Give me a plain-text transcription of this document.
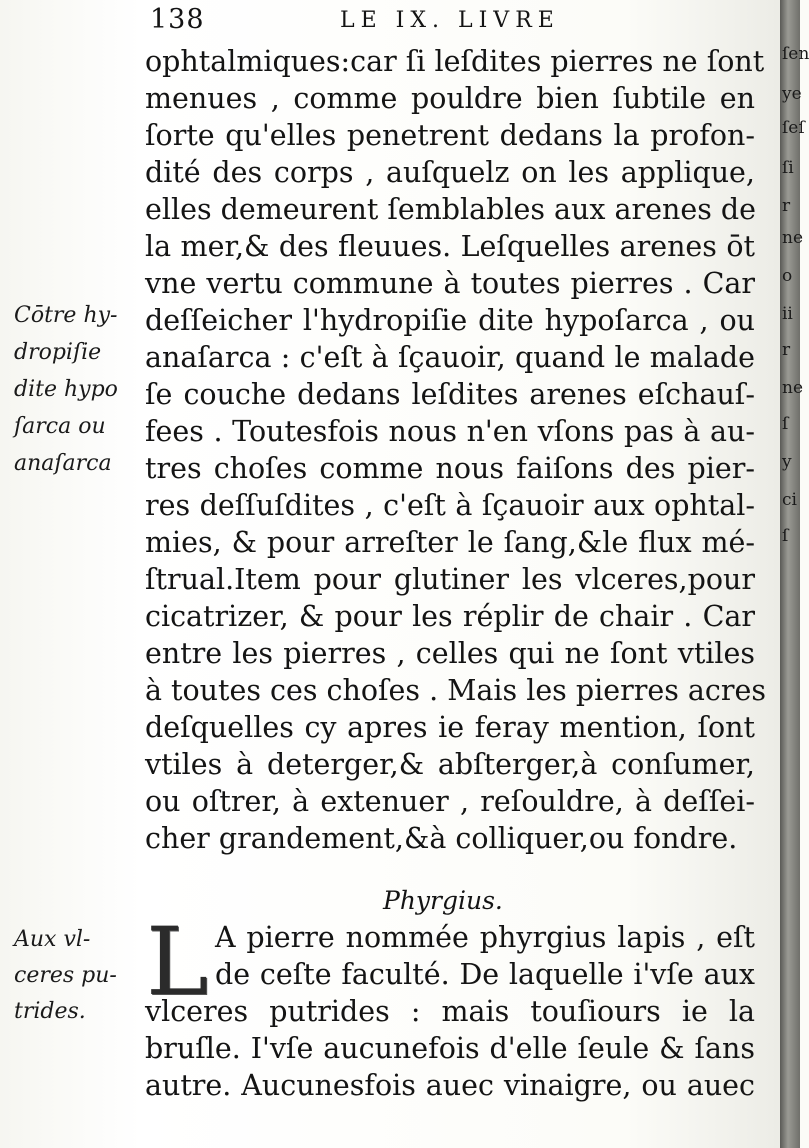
138	LE IX. LIVRE
ophtalmiques:car ſi leſdites pierres ne ſont
menues , comme pouldre bien ſubtile en
ſorte qu'elles penetrent dedans la profon-
dité des corps , auſquelz on les applique,
elles demeurent ſemblables aux arenes de
la mer,& des fleuues. Leſquelles arenes ōt
vne vertu commune à toutes pierres . Car
deſſeicher l'hydropiſie dite hypoſarca , ou
anaſarca : c'eſt à ſçauoir, quand le malade
ſe couche dedans leſdites arenes eſchauſ-
fees . Toutesfois nous n'en vſons pas à au-
tres choſes comme nous faiſons des pier-
res deſſuſdites , c'eſt à ſçauoir aux ophtal-
mies, & pour arreſter le ſang,&le flux mé-
ſtrual.Item pour glutiner les vlceres,pour
cicatrizer, & pour les réplir de chair . Car
entre les pierres , celles qui ne ſont vtiles
à toutes ces choſes . Mais les pierres acres
deſquelles cy apres ie feray mention, ſont
vtiles à deterger,& abſterger,à conſumer,
ou oſtrer, à extenuer , reſouldre, à deſſei-
cher grandement,&à colliquer,ou fondre.
Cōtre hy-
dropiſie
dite hypo
ſarca ou
anaſarca
Phyrgius.
L A pierre nommée phyrgius lapis , eſt
de ceſte faculté. De laquelle i'vſe aux
vlceres putrides : mais touſiours ie la
bruſle. I'vſe aucunefois d'elle ſeule & ſans
autre. Aucunesfois auec vinaigre, ou auec
Aux vl-
ceres pu-
trides.
ſen
ye
ſeſ
ſi
r
ne
o
ii
r
ne
ſ
y
ci
ſ
